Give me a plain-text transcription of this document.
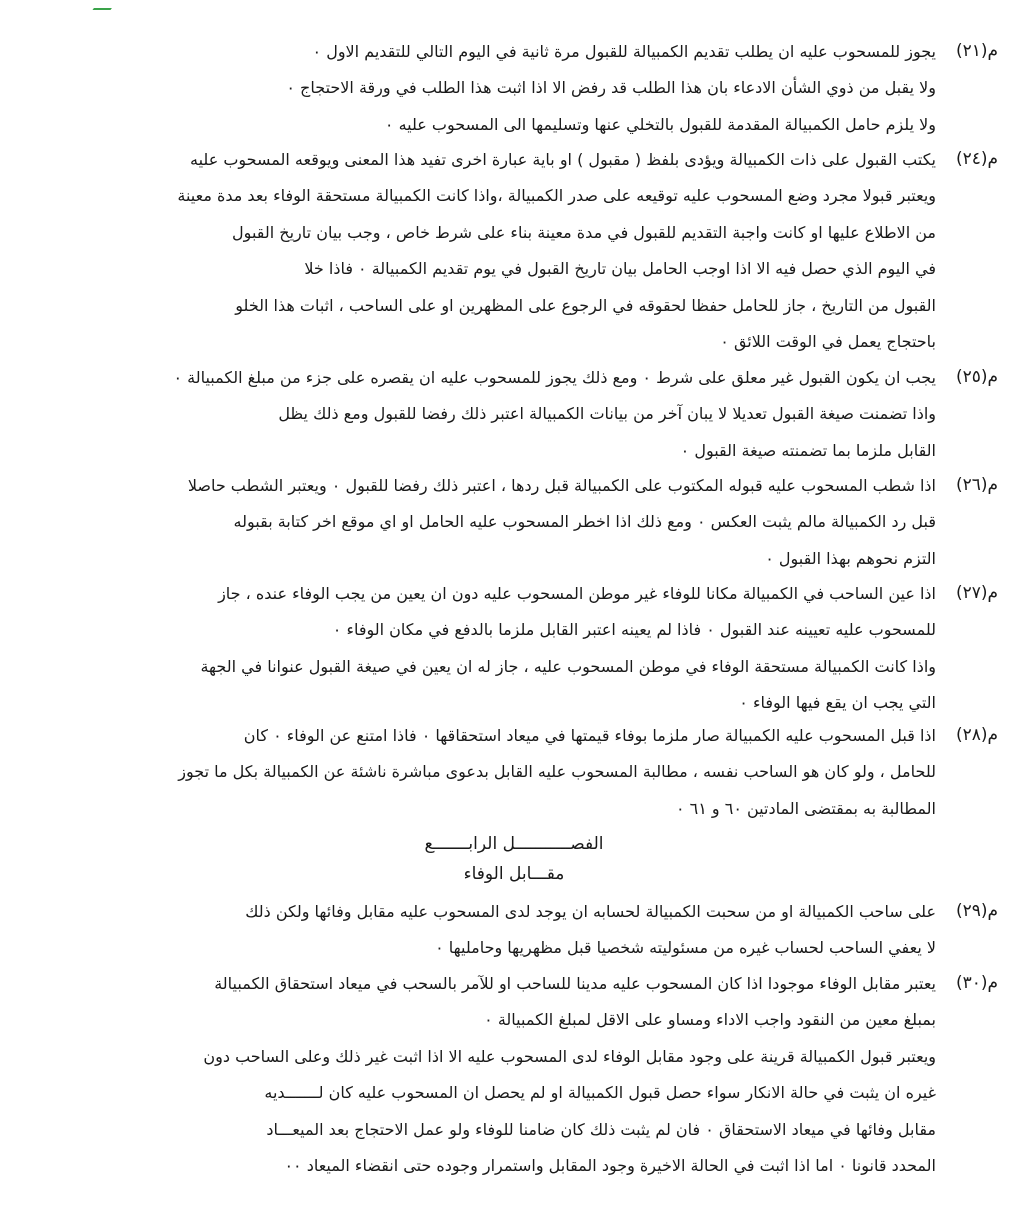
م(٢١)
يجوز للمسحوب عليه ان يطلب تقديم الكمبيالة للقبول مرة ثانية في اليوم التالي للتقديم الاول ٠
ولا يقبل من ذوي الشأن الادعاء بان هذا الطلب قد رفض الا اذا اثبت هذا الطلب في ورقة الاحتجاج ٠
ولا يلزم حامل الكمبيالة المقدمة للقبول بالتخلي عنها وتسليمها الى المسحوب عليه ٠
م(٢٤)
يكتب القبول على ذات الكمبيالة ويؤدى بلفظ ( مقبول ) او باية عبارة اخرى تفيد هذا المعنى ويوقعه المسحوب عليه
ويعتبر قبولا مجرد وضع المسحوب عليه توقيعه على صدر الكمبيالة ،واذا كانت الكمبيالة مستحقة الوفاء بعد مدة معينة
من الاطلاع عليها او كانت واجبة التقديم للقبول في مدة معينة بناء على شرط خاص ، وجب بيان تاريخ القبول
في اليوم الذي حصل فيه الا اذا اوجب الحامل بيان تاريخ القبول في يوم تقديم الكمبيالة ٠ فاذا خلا
القبول من التاريخ ، جاز للحامل حفظا لحقوقه في الرجوع على المظهرين او على الساحب ، اثبات هذا الخلو
باحتجاج يعمل في الوقت اللائق ٠
م(٢٥)
يجب ان يكون القبول غير معلق على شرط ٠ ومع ذلك يجوز للمسحوب عليه ان يقصره على جزء من مبلغ الكمبيالة ٠
واذا تضمنت صيغة القبول تعديلا لا يبان آخر من بيانات الكمبيالة اعتبر ذلك رفضا للقبول ومع ذلك يظل
القابل ملزما بما تضمنته صيغة القبول ٠
م(٢٦)
اذا شطب المسحوب عليه قبوله المكتوب على الكمبيالة قبل ردها ، اعتبر ذلك رفضا للقبول ٠ ويعتبر الشطب حاصلا
قبل رد الكمبيالة مالم يثبت العكس ٠ ومع ذلك اذا اخطر المسحوب عليه الحامل او اي موقع اخر كتابة بقبوله
التزم نحوهم بهذا القبول ٠
م(٢٧)
اذا عين الساحب في الكمبيالة مكانا للوفاء غير موطن المسحوب عليه دون ان يعين من يجب الوفاء عنده ، جاز
للمسحوب عليه تعيينه عند القبول ٠ فاذا لم يعينه اعتبر القابل ملزما بالدفع في مكان الوفاء ٠
واذا كانت الكمبيالة مستحقة الوفاء في موطن المسحوب عليه ، جاز له ان يعين في صيغة القبول عنوانا في الجهة
التي يجب ان يقع فيها الوفاء ٠
م(٢٨)
اذا قبل المسحوب عليه الكمبيالة صار ملزما بوفاء قيمتها في ميعاد استحقاقها ٠ فاذا امتنع عن الوفاء ٠ كان
للحامل ، ولو كان هو الساحب نفسه ، مطالبة المسحوب عليه القابل بدعوى مباشرة ناشئة عن الكمبيالة بكل ما تجوز
المطالبة به بمقتضى المادتين ٦٠ و ٦١ ٠
الفصـــــــــــل الرابـــــــع
مقـــابل الوفاء
م(٢٩)
على ساحب الكمبيالة او من سحبت الكمبيالة لحسابه ان يوجد لدى المسحوب عليه مقابل وفائها ولكن ذلك
لا يعفي الساحب لحساب غيره من مسئوليته شخصيا قبل مظهريها وحامليها ٠
م(٣٠)
يعتبر مقابل الوفاء موجودا اذا كان المسحوب عليه مدينا للساحب او للآمر بالسحب في ميعاد استحقاق الكمبيالة
بمبلغ معين من النقود واجب الاداء ومساو على الاقل لمبلغ الكمبيالة ٠
ويعتبر قبول الكمبيالة قرينة على وجود مقابل الوفاء لدى المسحوب عليه الا اذا اثبت غير ذلك وعلى الساحب دون
غيره ان يثبت في حالة الانكار سواء حصل قبول الكمبيالة او لم يحصل ان المسحوب عليه كان لـــــــديه
مقابل وفائها في ميعاد الاستحقاق ٠ فان لم يثبت ذلك كان ضامنا للوفاء ولو عمل الاحتجاج بعد الميعـــاد
المحدد قانونا ٠ اما اذا اثبت في الحالة الاخيرة وجود المقابل واستمرار وجوده حتى انقضاء الميعاد ٠٠
